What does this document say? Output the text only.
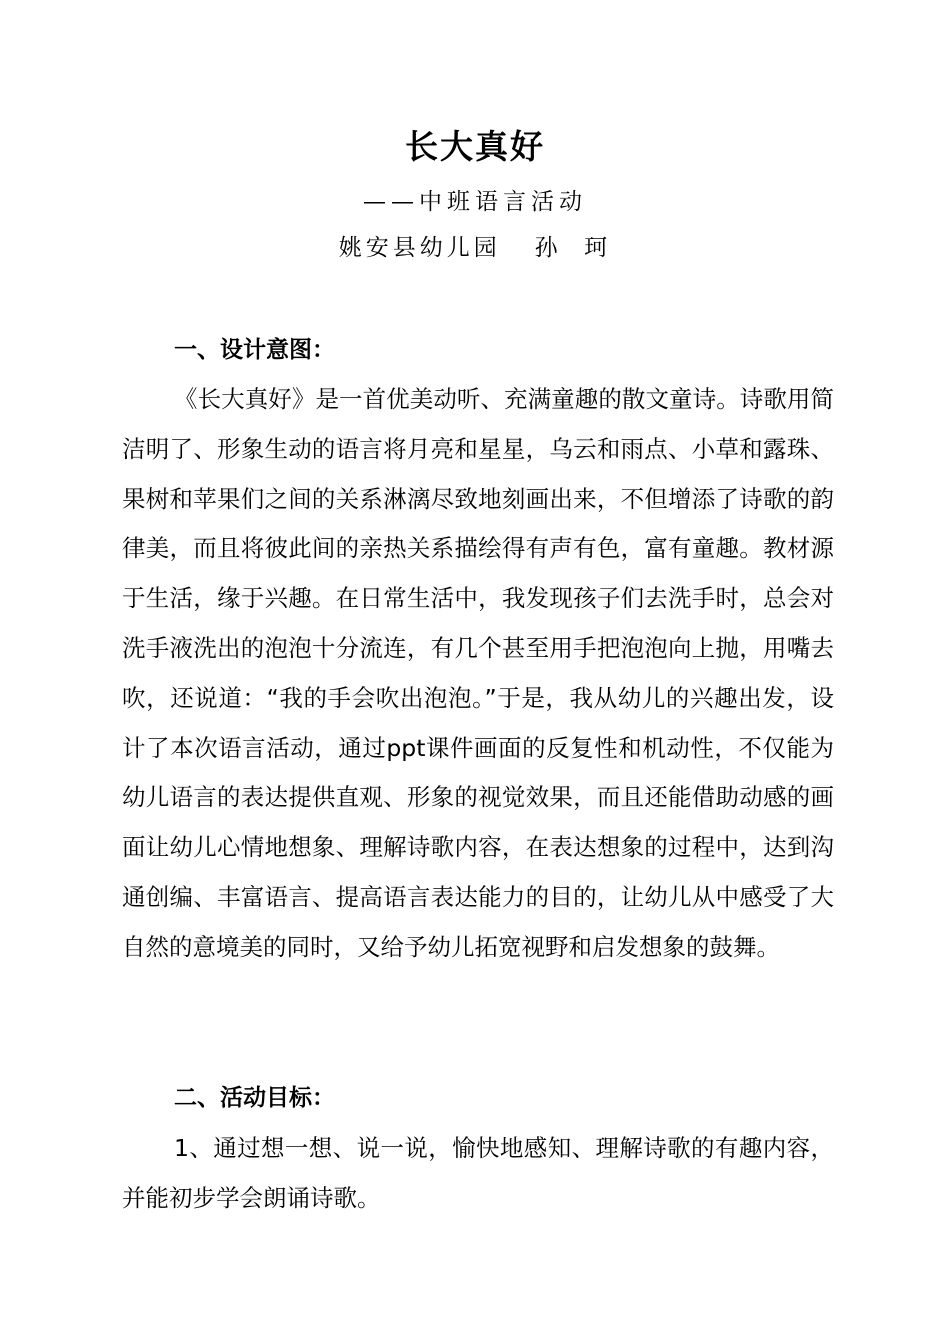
长大真好
——中班语言活动
姚安县幼儿园   孙  珂
一、设计意图：

《长大真好》是一首优美动听、充满童趣的散文童诗。诗歌用简洁明了、形象生动的语言将月亮和星星，乌云和雨点、小草和露珠、果树和苹果们之间的关系淋漓尽致地刻画出来，不但增添了诗歌的韵律美，而且将彼此间的亲热关系描绘得有声有色，富有童趣。教材源于生活，缘于兴趣。在日常生活中，我发现孩子们去洗手时，总会对洗手液洗出的泡泡十分流连，有几个甚至用手把泡泡向上抛，用嘴去吹，还说道：“我的手会吹出泡泡。”于是，我从幼儿的兴趣出发，设计了本次语言活动，通过ppt课件画面的反复性和机动性，不仅能为幼儿语言的表达提供直观、形象的视觉效果，而且还能借助动感的画面让幼儿心情地想象、理解诗歌内容，在表达想象的过程中，达到沟通创编、丰富语言、提高语言表达能力的目的，让幼儿从中感受了大自然的意境美的同时，又给予幼儿拓宽视野和启发想象的鼓舞。

二、活动目标：

1、通过想一想、说一说，愉快地感知、理解诗歌的有趣内容，并能初步学会朗诵诗歌。
